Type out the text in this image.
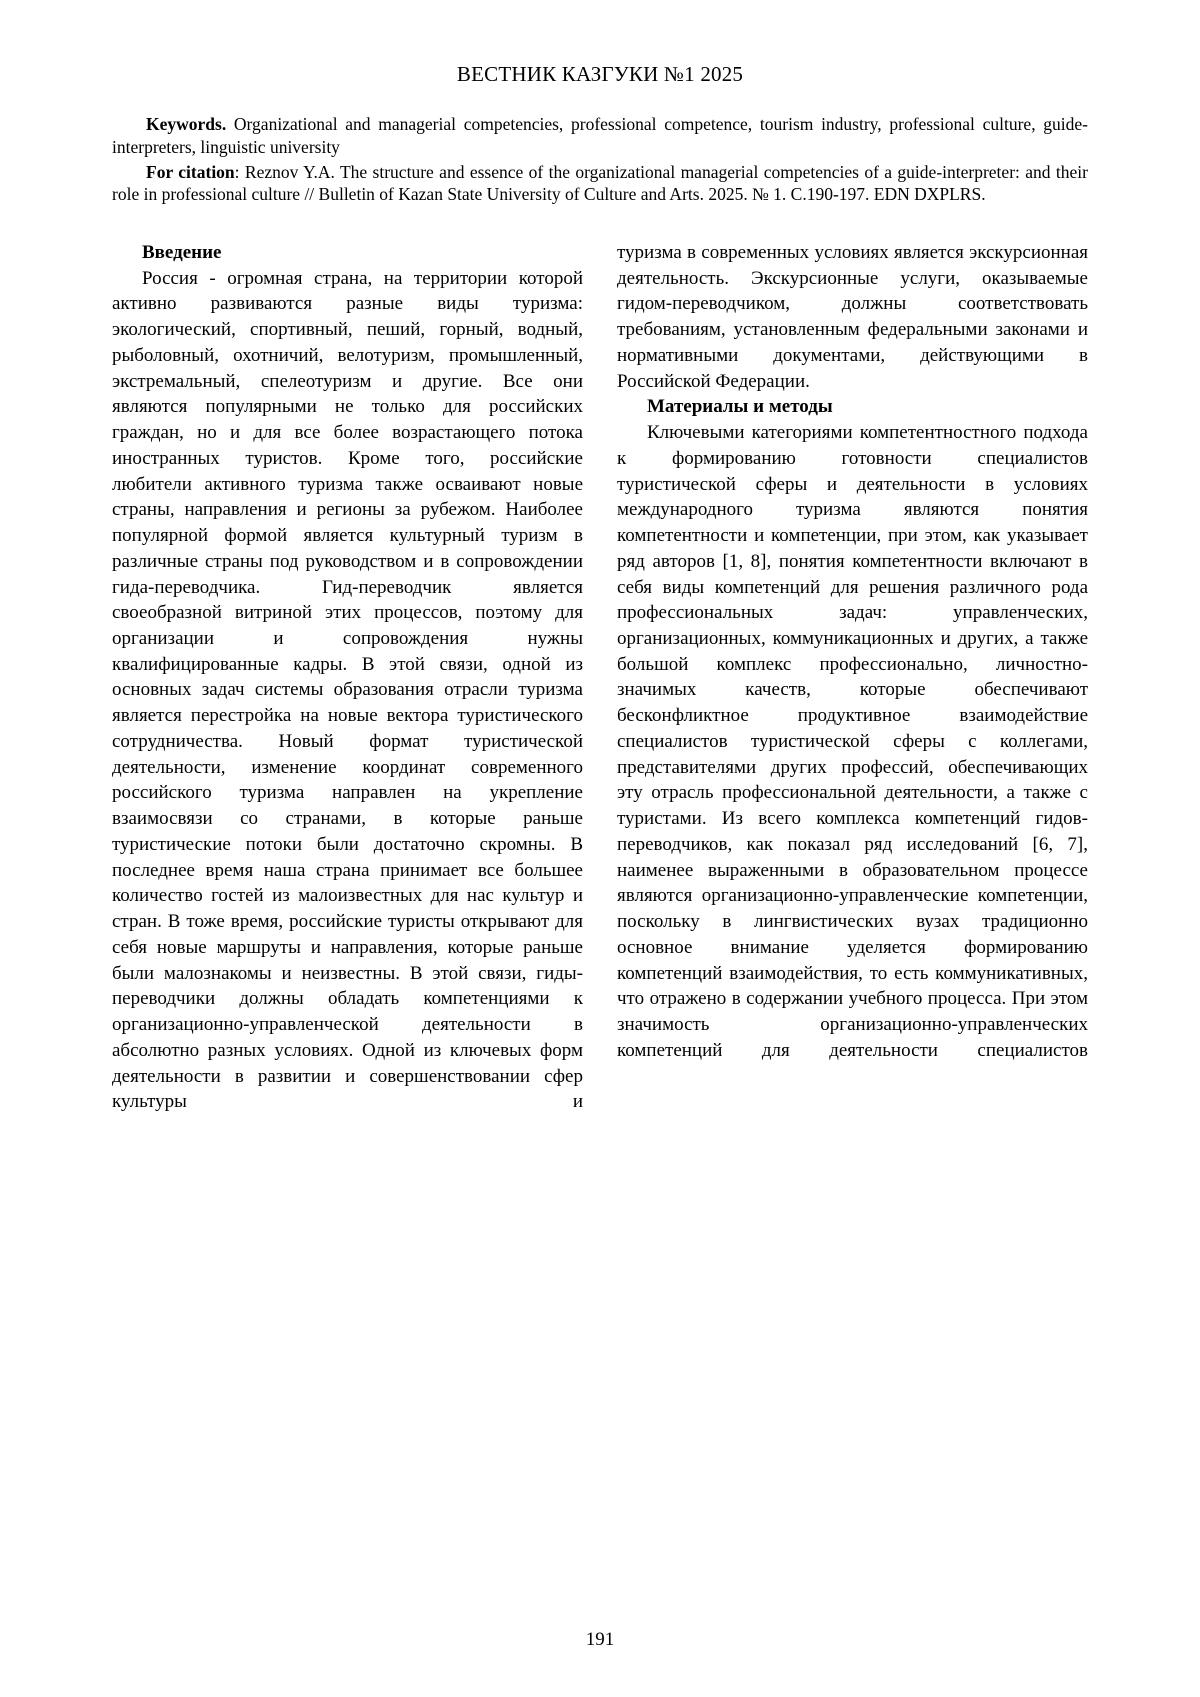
ВЕСТНИК КАЗГУКИ №1 2025

Keywords. Organizational and managerial competencies, professional competence, tourism industry, professional culture, guide-interpreters, linguistic university

For citation: Reznov Y.A. The structure and essence of the organizational managerial competencies of a guide-interpreter: and their role in professional culture // Bulletin of Kazan State University of Culture and Arts. 2025. № 1. C.190-197. EDN DXPLRS.

Введение

Россия - огромная страна, на территории которой активно развиваются разные виды туризма: экологический, спортивный, пеший, горный, водный, рыболовный, охотничий, велотуризм, промышленный, экстремальный, спелеотуризм и другие. Все они являются популярными не только для российских граждан, но и для все более возрастающего потока иностранных туристов. Кроме того, российские любители активного туризма также осваивают новые страны, направления и регионы за рубежом. Наиболее популярной формой является культурный туризм в различные страны под руководством и в сопровождении гида-переводчика. Гид-переводчик является своеобразной витриной этих процессов, поэтому для организации и сопровождения нужны квалифицированные кадры. В этой связи, одной из основных задач системы образования отрасли туризма является перестройка на новые вектора туристического сотрудничества. Новый формат туристической деятельности, изменение координат современного российского туризма направлен на укрепление взаимосвязи со странами, в которые раньше туристические потоки были достаточно скромны. В последнее время наша страна принимает все большее количество гостей из малоизвестных для нас культур и стран. В тоже время, российские туристы открывают для себя новые маршруты и направления, которые раньше были малознакомы и неизвестны. В этой связи, гиды-переводчики должны обладать компетенциями к организационно-управленческой деятельности в абсолютно разных условиях. Одной из ключевых форм деятельности в развитии и совершенствовании сфер культуры и

туризма в современных условиях является экскурсионная деятельность. Экскурсионные услуги, оказываемые гидом-переводчиком, должны соответствовать требованиям, установленным федеральными законами и нормативными документами, действующими в Российской Федерации.

Материалы и методы

Ключевыми категориями компетентностного подхода к формированию готовности специалистов туристической сферы и деятельности в условиях международного туризма являются понятия компетентности и компетенции, при этом, как указывает ряд авторов [1, 8], понятия компетентности включают в себя виды компетенций для решения различного рода профессиональных задач: управленческих, организационных, коммуникационных и других, а также большой комплекс профессионально, личностно-значимых качеств, которые обеспечивают бесконфликтное продуктивное взаимодействие специалистов туристической сферы с коллегами, представителями других профессий, обеспечивающих эту отрасль профессиональной деятельности, а также с туристами. Из всего комплекса компетенций гидов-переводчиков, как показал ряд исследований [6, 7], наименее выраженными в образовательном процессе являются организационно-управленческие компетенции, поскольку в лингвистических вузах традиционно основное внимание уделяется формированию компетенций взаимодействия, то есть коммуникативных, что отражено в содержании учебного процесса. При этом значимость организационно-управленческих компетенций для деятельности специалистов

191
